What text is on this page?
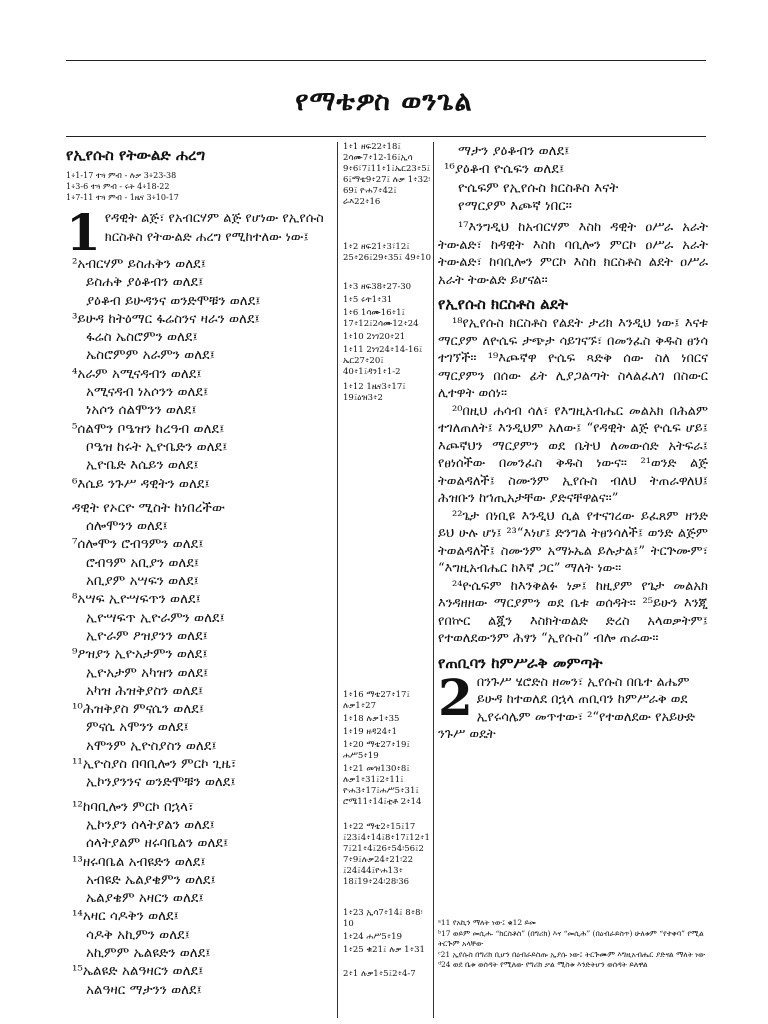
የማቴዎስ ወንጌል
የኢየሱስ የትውልድ ሐረግ
1፥1-17 ተጓ ምብ - ሉቃ 3፥23-38
1፥3-6 ተጓ ምብ - ሩት 4፥18-22
1፥7-11 ተጓ ምብ - 1ዜና 3፥10-17
1 የዳዊት ልጅ፣ የአብርሃም ልጅ የሆነው የኢየሱስ ክርስቶስ የትውልድ ሐረግ የሚከተለው ነው፤
²አብርሃም ይስሐቅን ወለደ፤
ይስሐቅ ያዕቆብን ወለደ፤
ያዕቆብ ይሁዳንና ወንድሞቹን ወለደ፤
³ይሁዳ ከትዕማር ፋሬስንና ዛራን ወለደ፤
ፋሬስ ኤስሮምን ወለደ፤
ኤስሮምም አራምን ወለደ፤
⁴አራም አሚናዳብን ወለደ፤
አሚናዳብ ነአሶንን ወለደ፤
ነአሶን ሰልሞንን ወለደ፤
⁵ሰልሞን ቦዔዝን ከረዓብ ወለደ፤
ቦዔዝ ከሩት ኢዮቤድን ወለደ፤
ኢዮቤድ እሴይን ወለደ፤
⁶እሴይ ንጉሥ ዳዊትን ወለደ፤
ዳዊት የኦርዮ ሚስት ከነበረችው
ሰሎሞንን ወለደ፤
⁷ሰሎሞን ሮብዓምን ወለደ፤
ሮብዓም አቢያን ወለደ፤
አቢያም አሣፍን ወለደ፤
⁸አሣፍ ኢዮሣፍጥን ወለደ፤
ኢዮሣፍጥ ኢዮራምን ወለደ፤
ኢዮራም ዖዝያንን ወለደ፤
⁹ዖዝያን ኢዮአታምን ወለደ፤
ኢዮአታም አካዝን ወለደ፤
አካዝ ሕዝቅያስን ወለደ፤
¹⁰ሕዝቅያስ ምናሴን ወለደ፤
ምናሴ አሞንን ወለደ፤
አሞንም ኢዮስያስን ወለደ፤
¹¹ኢዮስያስ በባቢሎን ምርኮ ጊዜ፣
ኢኮንያንንና ወንድሞቹን ወለደ፤
¹²ከባቢሎን ምርኮ በኋላ፣
ኢኮንያን ሰላትያልን ወለደ፤
ሰላትያልም ዘሩባቤልን ወለደ፤
¹³ዘሩባቤል አብዩድን ወለደ፤
አብዩድ ኤልያቄምን ወለደ፤
ኤልያቄም አዛርን ወለደ፤
¹⁴አዛር ሳዶቅን ወለደ፤
ሳዶቅ አኪምን ወለደ፤
አኪምም ኤልዩድን ወለደ፤
¹⁵ኤልዩድ አልዓዛርን ወለደ፤
አልዓዛር ማታንን ወለደ፤
1፥1 ዘፍ22፥18፤ 2ሳሙ7፥12-16፤ኢሳ 9፥6፣7፤11፥1፤ኤር23፥5፤ 6፤ማቴ9፥27፤ ሉቃ 1፥32፡69፤ ዮሐ7፥42፤ ራእ22፥16
1፥2 ዘፍ21፥3፣12፤ 25፥26፤29፥35፤ 49፥10
1፥3 ዘፍ38፥27-30
1፥5 ሩት1፥31
1፥6 1ሳሙ16፥1፤ 17፥12፤2ሳሙ12፥24
1፥10 2ነገ20፥21
1፥11 2ነገ24፥14-16፤ ኤር27፥20፤ 40፥1፤ዳን1፥1-2
1፥12 1ዜና3፥17፤ 19፤ዕዝ3፥2
1፥16 ማቴ27፥17፤ ሉቃ1፥27
1፥18 ሉቃ1፥35
1፥19 ዘዳ24፥1
1፥20 ማቴ27፥19፤ ሐሥ5፥19
1፥21 መዝ130፥8፤ ሉቃ1፥31፤2፥11፤ ዮሐ3፥17፤ሐሥ5፥31፤ ሮሜ11፥14፤ቲቶ 2፥14
1፥22 ማቴ2፥15፤17 ፤23፤4፥14፤8፥17፤12፥1 7፤21፥4፤26፥54፡56፤2 7፥9፤ሉቃ24፥21፡22 ፤24፤44፤ዮሐ13፥ 18፤19፥24፡28፡36
1፥23 ኢሳ7፥14፤ 8፥8፡10
1፥24 ሐሥ5፥19
1፥25 ቁ21፤ ሉቃ 1፥31
2፥1 ሉቃ1፥5፤2፥4-7
ማታን ያዕቆብን ወለደ፤
¹⁶ያዕቆብ ዮሴፍን ወለደ፤
ዮሴፍም የኢየሱስ ክርስቶስ እናት
የማርያም እጮኛ ነበር።
¹⁷እንግዲህ ከአብርሃም እስከ ዳዊት ዐሥራ አራት ትውልድ፣ ከዳዊት እስከ ባቢሎን ምርኮ ዐሥራ አራት ትውልድ፣ ከባቢሎን ምርኮ እስከ ክርስቶስ ልደት ዐሥራ አራት ትውልድ ይሆናል።
የኢየሱስ ክርስቶስ ልደት
¹⁸የኢየሱስ ክርስቶስ የልደት ታሪክ እንዲህ ነው፤ እናቱ ማርያም ለዮሴፍ ታጭታ ሳይገናኙ፣ በመንፈስ ቅዱስ ፀንሳ ተገኘች። ¹⁹እጮኛዋ ዮሴፍ ጻድቅ ሰው ስለ ነበርና ማርያምን በሰው ፊት ሊያጋልጣት ስላልፈለገ በስውር ሊተዋት ወሰነ።
²⁰በዚህ ሐሳብ ሳለ፣ የእግዚአብሔር መልአክ በሕልም ተገለጠለት፤ እንዲህም አለው፤ “የዳዊት ልጅ ዮሴፍ ሆይ፤ እጮኛህን ማርያምን ወደ ቤትህ ለመውሰድ አትፍራ፤ የፀነሰችው በመንፈስ ቅዱስ ነውና። ²¹ወንድ ልጅ ትወልዳለች፤ ስሙንም ኢየሱስ ብለህ ትጠራዋለህ፤ ሕዝቡን ከኀጢአታቸው ያድናቸዋልና።”
²²ጌታ በነቢዩ እንዲህ ሲል የተናገረው ይፈጸም ዘንድ ይህ ሁሉ ሆነ፤ ²³“እነሆ፤ ድንግል ትፀንሳለች፤ ወንድ ልጅም ትወልዳለች፤ ስሙንም አማኑኤል ይሉታል፤” ትርጕሙም፣ “እግዚአብሔር ከእኛ ጋር” ማለት ነው።
²⁴ዮሴፍም ከእንቅልፉ ነቃ፤ ከዚያም የጌታ መልአክ እንዳዘዘው ማርያምን ወደ ቤቱ ወሰዳት። ²⁵ይሁን እንጂ የበኵር ልጇን እስክትወልድ ድረስ አላወቃትም፤ የተወለደውንም ሕፃን “ኢየሱስ” ብሎ ጠራው።
የጠቢባን ከምሥራቅ መምጣት
2 በንጉሥ ሄሮድስ ዘመን፣ ኢየሱስ በቤተ ልሔም ይሁዳ ከተወለደ በኋላ ጠቢባን ከምሥራቅ ወደ ኢየሩሳሌም መጥተው፣ ²“የተወለደው የአይሁድ ንጉሥ ወዴት
ᵃ11 የአኪን ማለት ነው፤ ቁ12 ይመ
ᵇ17 ወይም መሲሑ “ክርስቶስ” (በግሪክ) እና “መሲሕ” (በዕብራይስጥ) ሁለቱም “የተቀባ” የሚል ትርጕም አላቸው
ᶜ21 ኢየሱስ በግሪክ ቢሆን በዕብራይስጡ ኢያሱ ነው፤ ትርጕሙም እግዚአብሔር ያድናል ማለት ነው
ᵈ24 ወደ ቤቱ ወሰዳት የሚለው የግሪክ ቃል ሚስቱ እንድትሆን ወሰዳት ይለዋል
